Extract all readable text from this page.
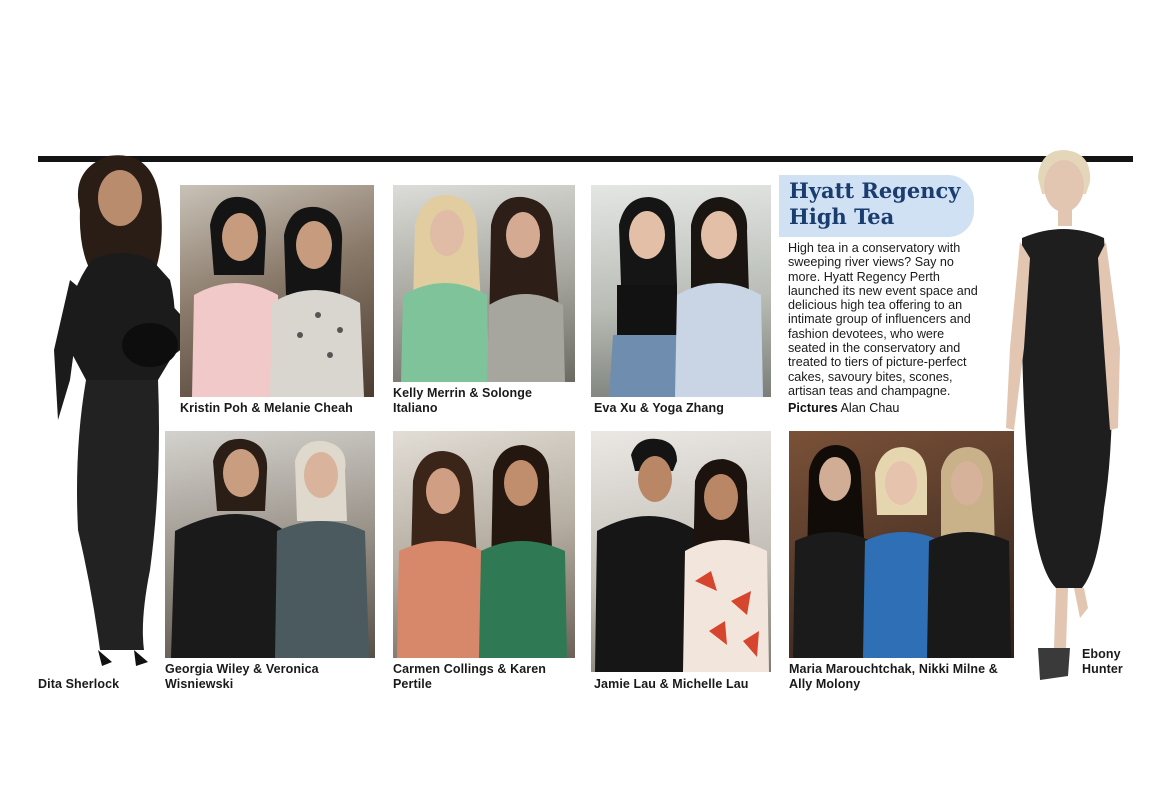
Dita Sherlock
Ebony Hunter
Kristin Poh & Melanie Cheah
Kelly Merrin & Solonge Italiano	Eva Xu & Yoga Zhang
Georgia Wiley & Veronica Wisniewski
Carmen Collings & Karen Pertile	Jamie Lau & Michelle Lau
Maria Marouchtchak, Nikki Milne & Ally Molony
Hyatt Regency High Tea

High tea in a conservatory with sweeping river views? Say no more. Hyatt Regency Perth launched its new event space and delicious high tea offering to an intimate group of influencers and fashion devotees, who were seated in the conservatory and treated to tiers of picture-perfect cakes, savoury bites, scones, artisan teas and champagne.

Pictures Alan Chau
